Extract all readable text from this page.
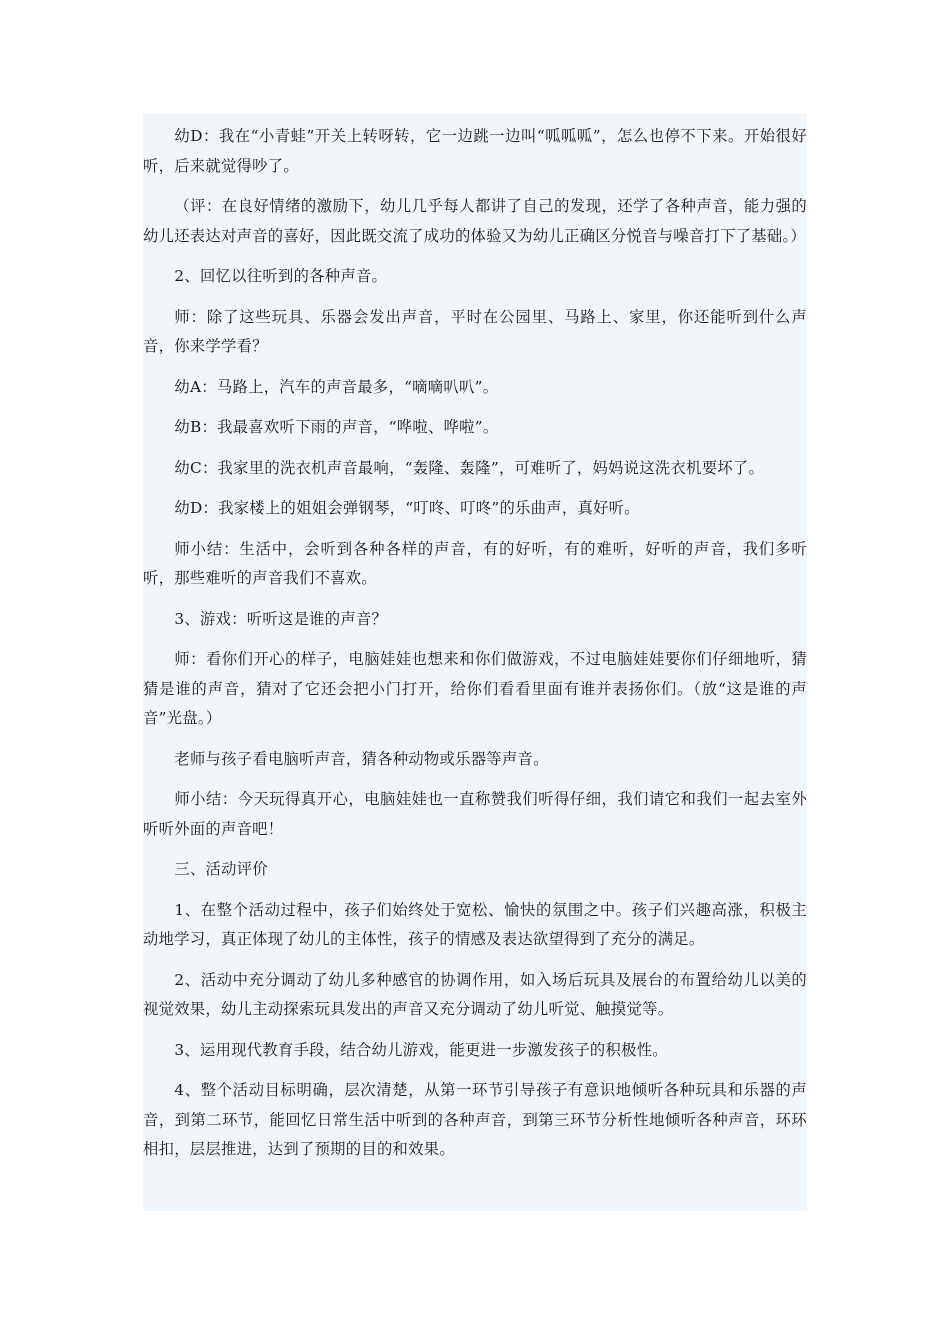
幼D：我在“小青蛙”开关上转呀转，它一边跳一边叫“呱呱呱”，怎么也停不下来。开始很好听，后来就觉得吵了。

（评：在良好情绪的激励下，幼儿几乎每人都讲了自己的发现，还学了各种声音，能力强的幼儿还表达对声音的喜好，因此既交流了成功的体验又为幼儿正确区分悦音与噪音打下了基础。）

2、回忆以往听到的各种声音。

师：除了这些玩具、乐器会发出声音，平时在公园里、马路上、家里，你还能听到什么声音，你来学学看？

幼A：马路上，汽车的声音最多，“嘀嘀叭叭”。

幼B：我最喜欢听下雨的声音，“哗啦、哗啦”。

幼C：我家里的洗衣机声音最响，“轰隆、轰隆”，可难听了，妈妈说这洗衣机要坏了。

幼D：我家楼上的姐姐会弹钢琴，“叮咚、叮咚”的乐曲声，真好听。

师小结：生活中，会听到各种各样的声音，有的好听，有的难听，好听的声音，我们多听听，那些难听的声音我们不喜欢。

3、游戏：听听这是谁的声音？

师：看你们开心的样子，电脑娃娃也想来和你们做游戏，不过电脑娃娃要你们仔细地听，猜猜是谁的声音，猜对了它还会把小门打开，给你们看看里面有谁并表扬你们。（放“这是谁的声音”光盘。）

老师与孩子看电脑听声音，猜各种动物或乐器等声音。

师小结：今天玩得真开心，电脑娃娃也一直称赞我们听得仔细，我们请它和我们一起去室外听听外面的声音吧！

三、活动评价

1、在整个活动过程中，孩子们始终处于宽松、愉快的氛围之中。孩子们兴趣高涨，积极主动地学习，真正体现了幼儿的主体性，孩子的情感及表达欲望得到了充分的满足。

2、活动中充分调动了幼儿多种感官的协调作用，如入场后玩具及展台的布置给幼儿以美的视觉效果，幼儿主动探索玩具发出的声音又充分调动了幼儿听觉、触摸觉等。

3、运用现代教育手段，结合幼儿游戏，能更进一步激发孩子的积极性。

4、整个活动目标明确，层次清楚，从第一环节引导孩子有意识地倾听各种玩具和乐器的声音，到第二环节，能回忆日常生活中听到的各种声音，到第三环节分析性地倾听各种声音，环环相扣，层层推进，达到了预期的目的和效果。
